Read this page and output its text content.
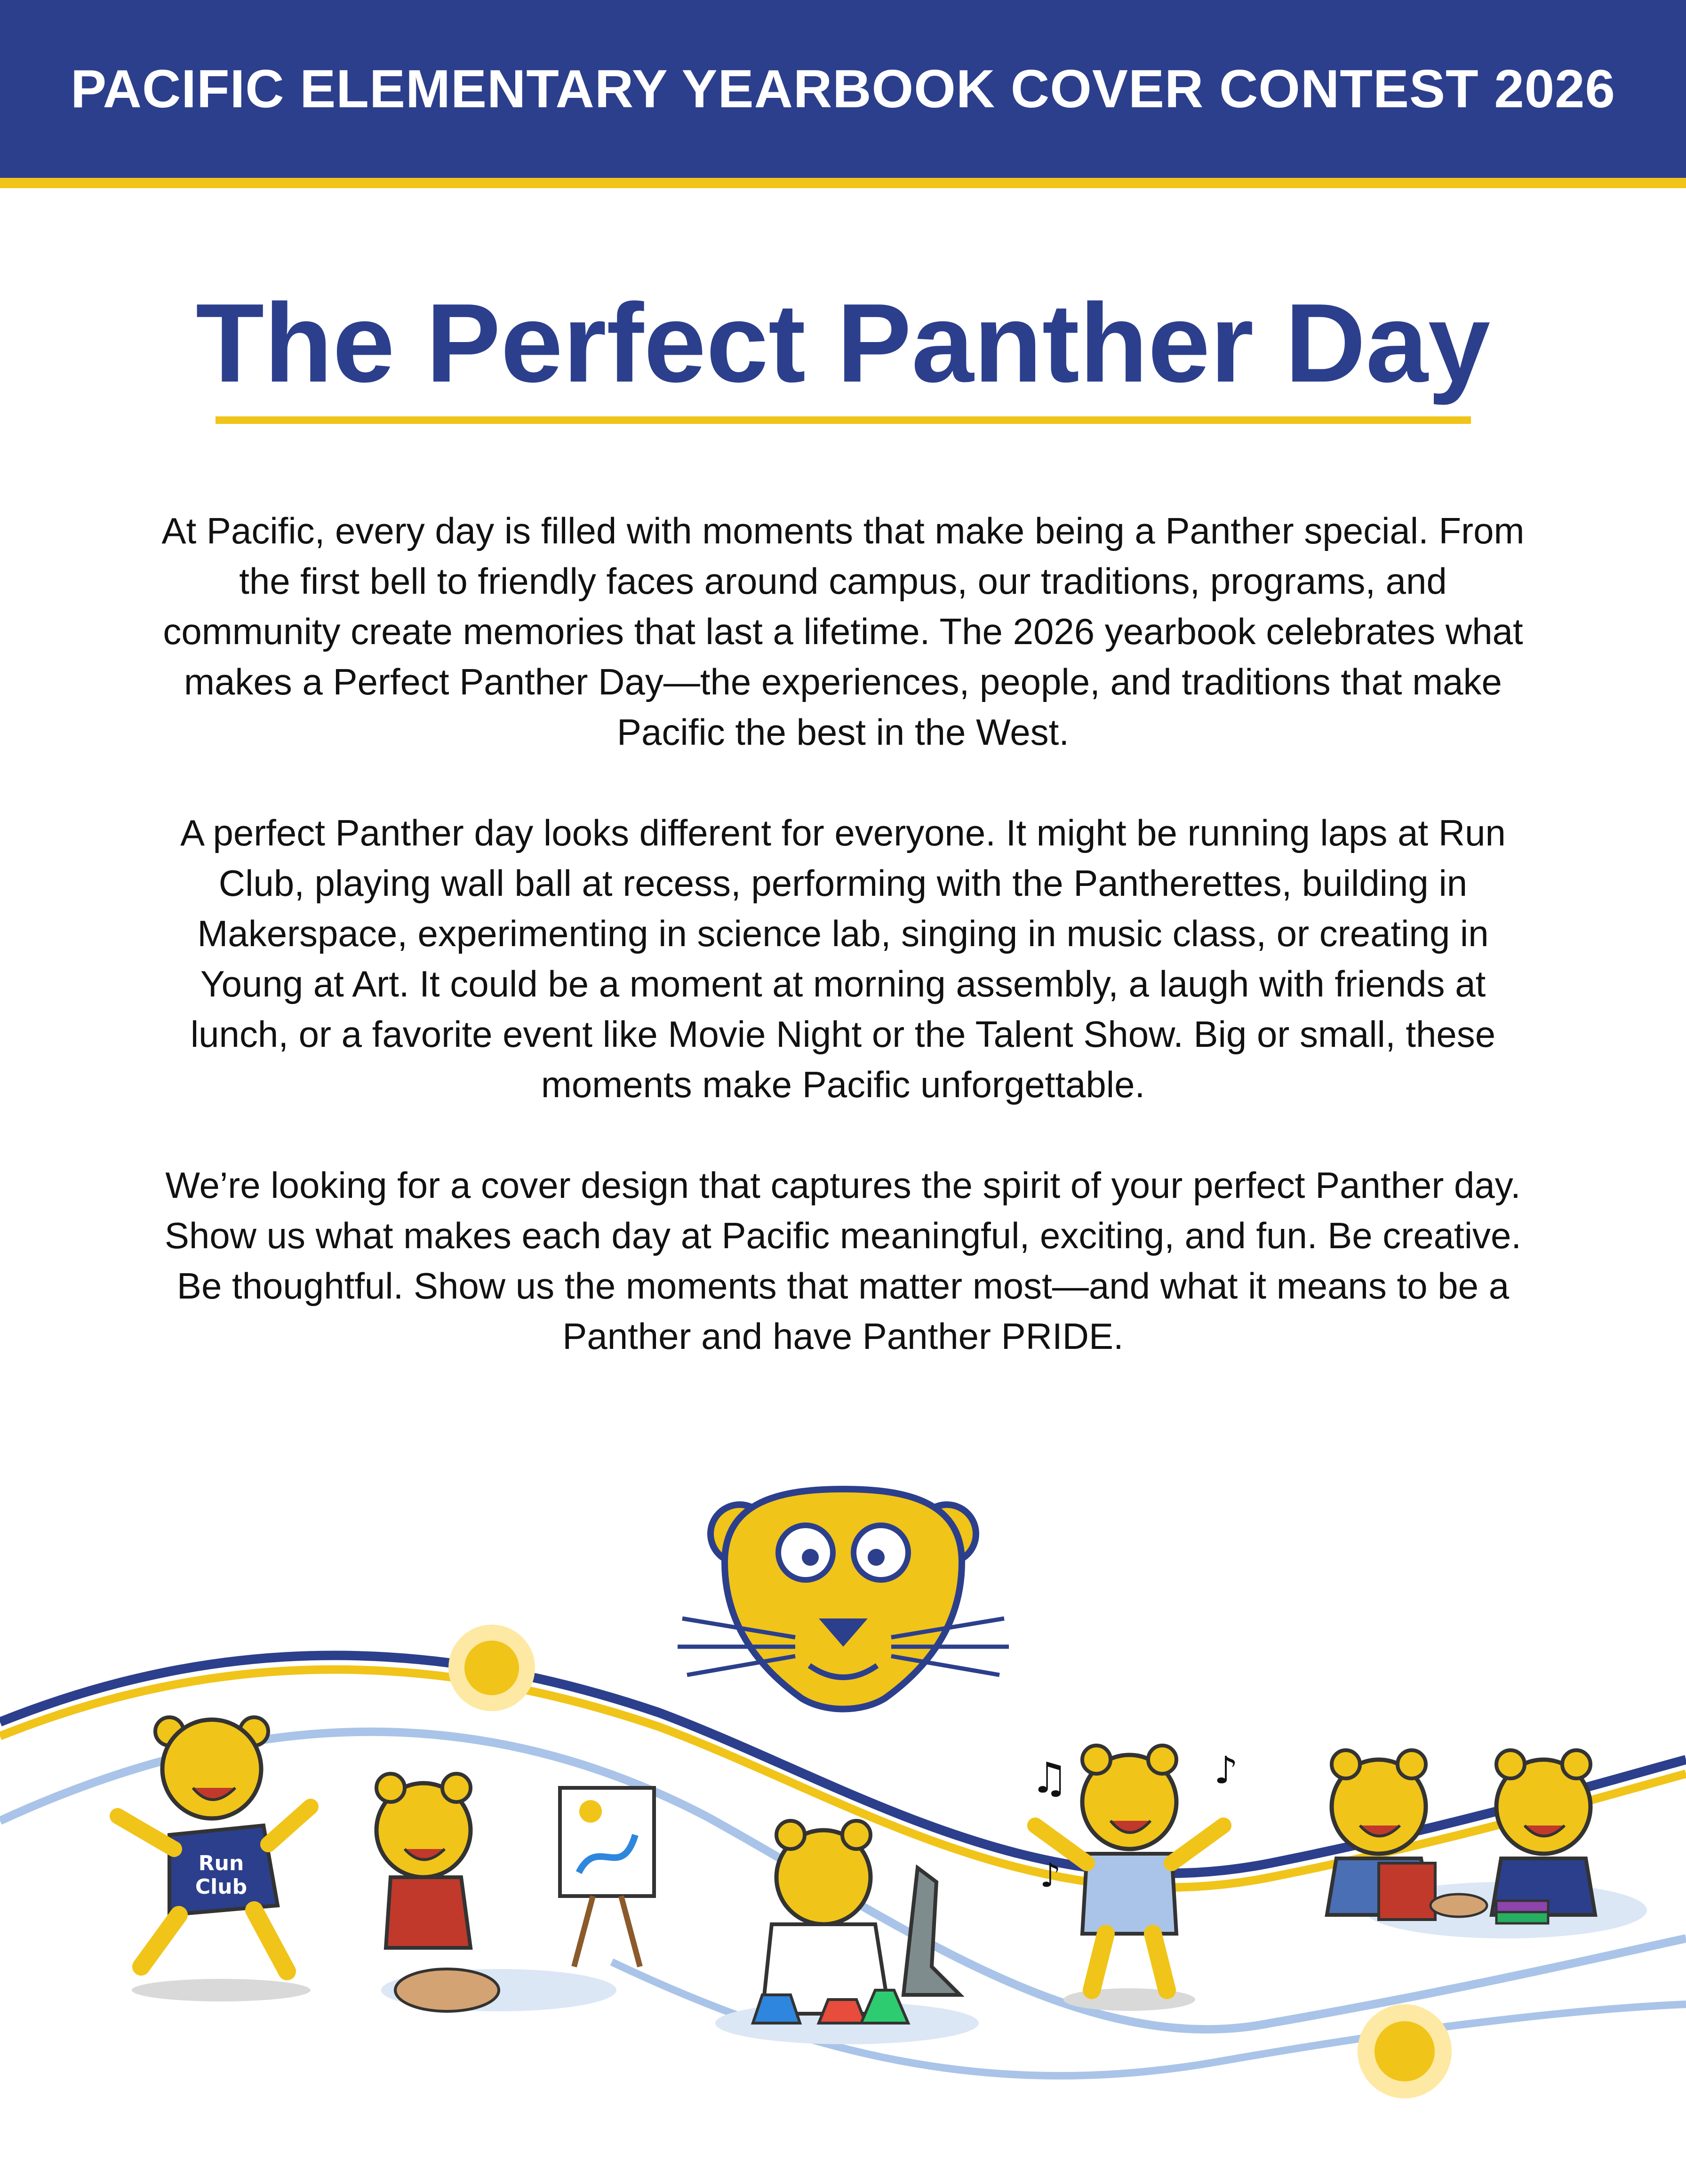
PACIFIC ELEMENTARY YEARBOOK COVER CONTEST 2026
The Perfect Panther Day

At Pacific, every day is filled with moments that make being a Panther special. From the first bell to friendly faces around campus, our traditions, programs, and community create memories that last a lifetime. The 2026 yearbook celebrates what makes a Perfect Panther Day—the experiences, people, and traditions that make Pacific the best in the West.

A perfect Panther day looks different for everyone. It might be running laps at Run Club, playing wall ball at recess, performing with the Pantherettes, building in Makerspace, experimenting in science lab, singing in music class, or creating in Young at Art. It could be a moment at morning assembly, a laugh with friends at lunch, or a favorite event like Movie Night or the Talent Show. Big or small, these moments make Pacific unforgettable.

We’re looking for a cover design that captures the spirit of your perfect Panther day. Show us what makes each day at Pacific meaningful, exciting, and fun. Be creative. Be thoughtful. Show us the moments that matter most—and what it means to be a Panther and have Panther PRIDE.

Run
Club
♫	♪
♪
